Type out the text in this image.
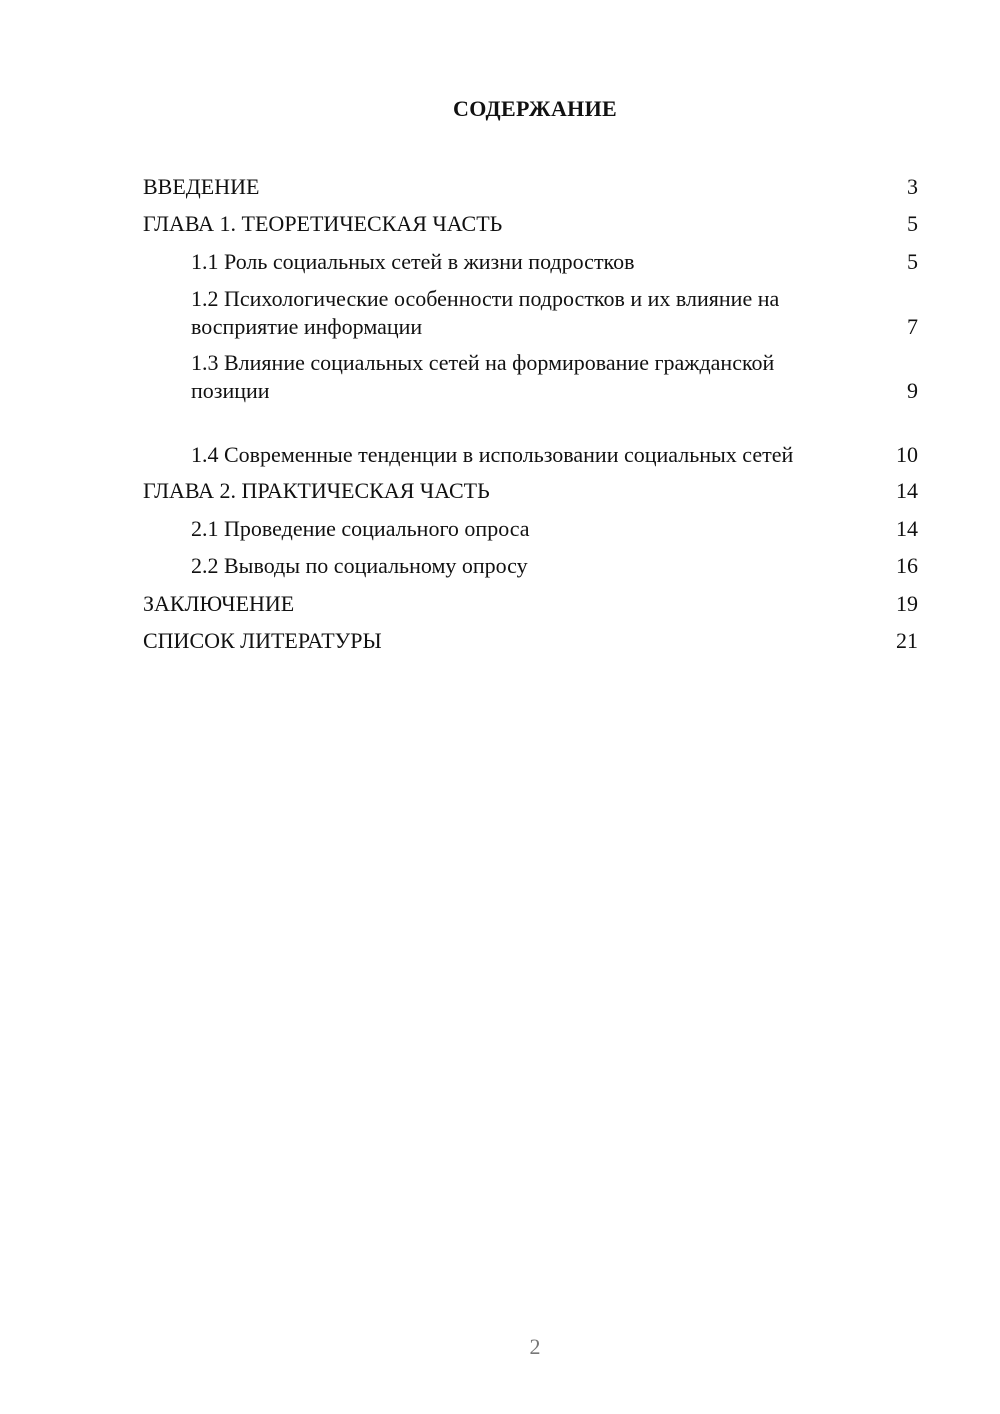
СОДЕРЖАНИЕ
ВВЕДЕНИЕ	3
ГЛАВА 1. ТЕОРЕТИЧЕСКАЯ ЧАСТЬ	5
1.1 Роль социальных сетей в жизни подростков	5
1.2 Психологические особенности подростков и их влияние на восприятие информации	7
1.3 Влияние социальных сетей на формирование гражданской позиции	9
1.4 Современные тенденции в использовании социальных сетей	10
ГЛАВА 2. ПРАКТИЧЕСКАЯ ЧАСТЬ	14
2.1 Проведение социального опроса	14
2.2 Выводы по социальному опросу	16
ЗАКЛЮЧЕНИЕ	19
СПИСОК ЛИТЕРАТУРЫ	21
2
